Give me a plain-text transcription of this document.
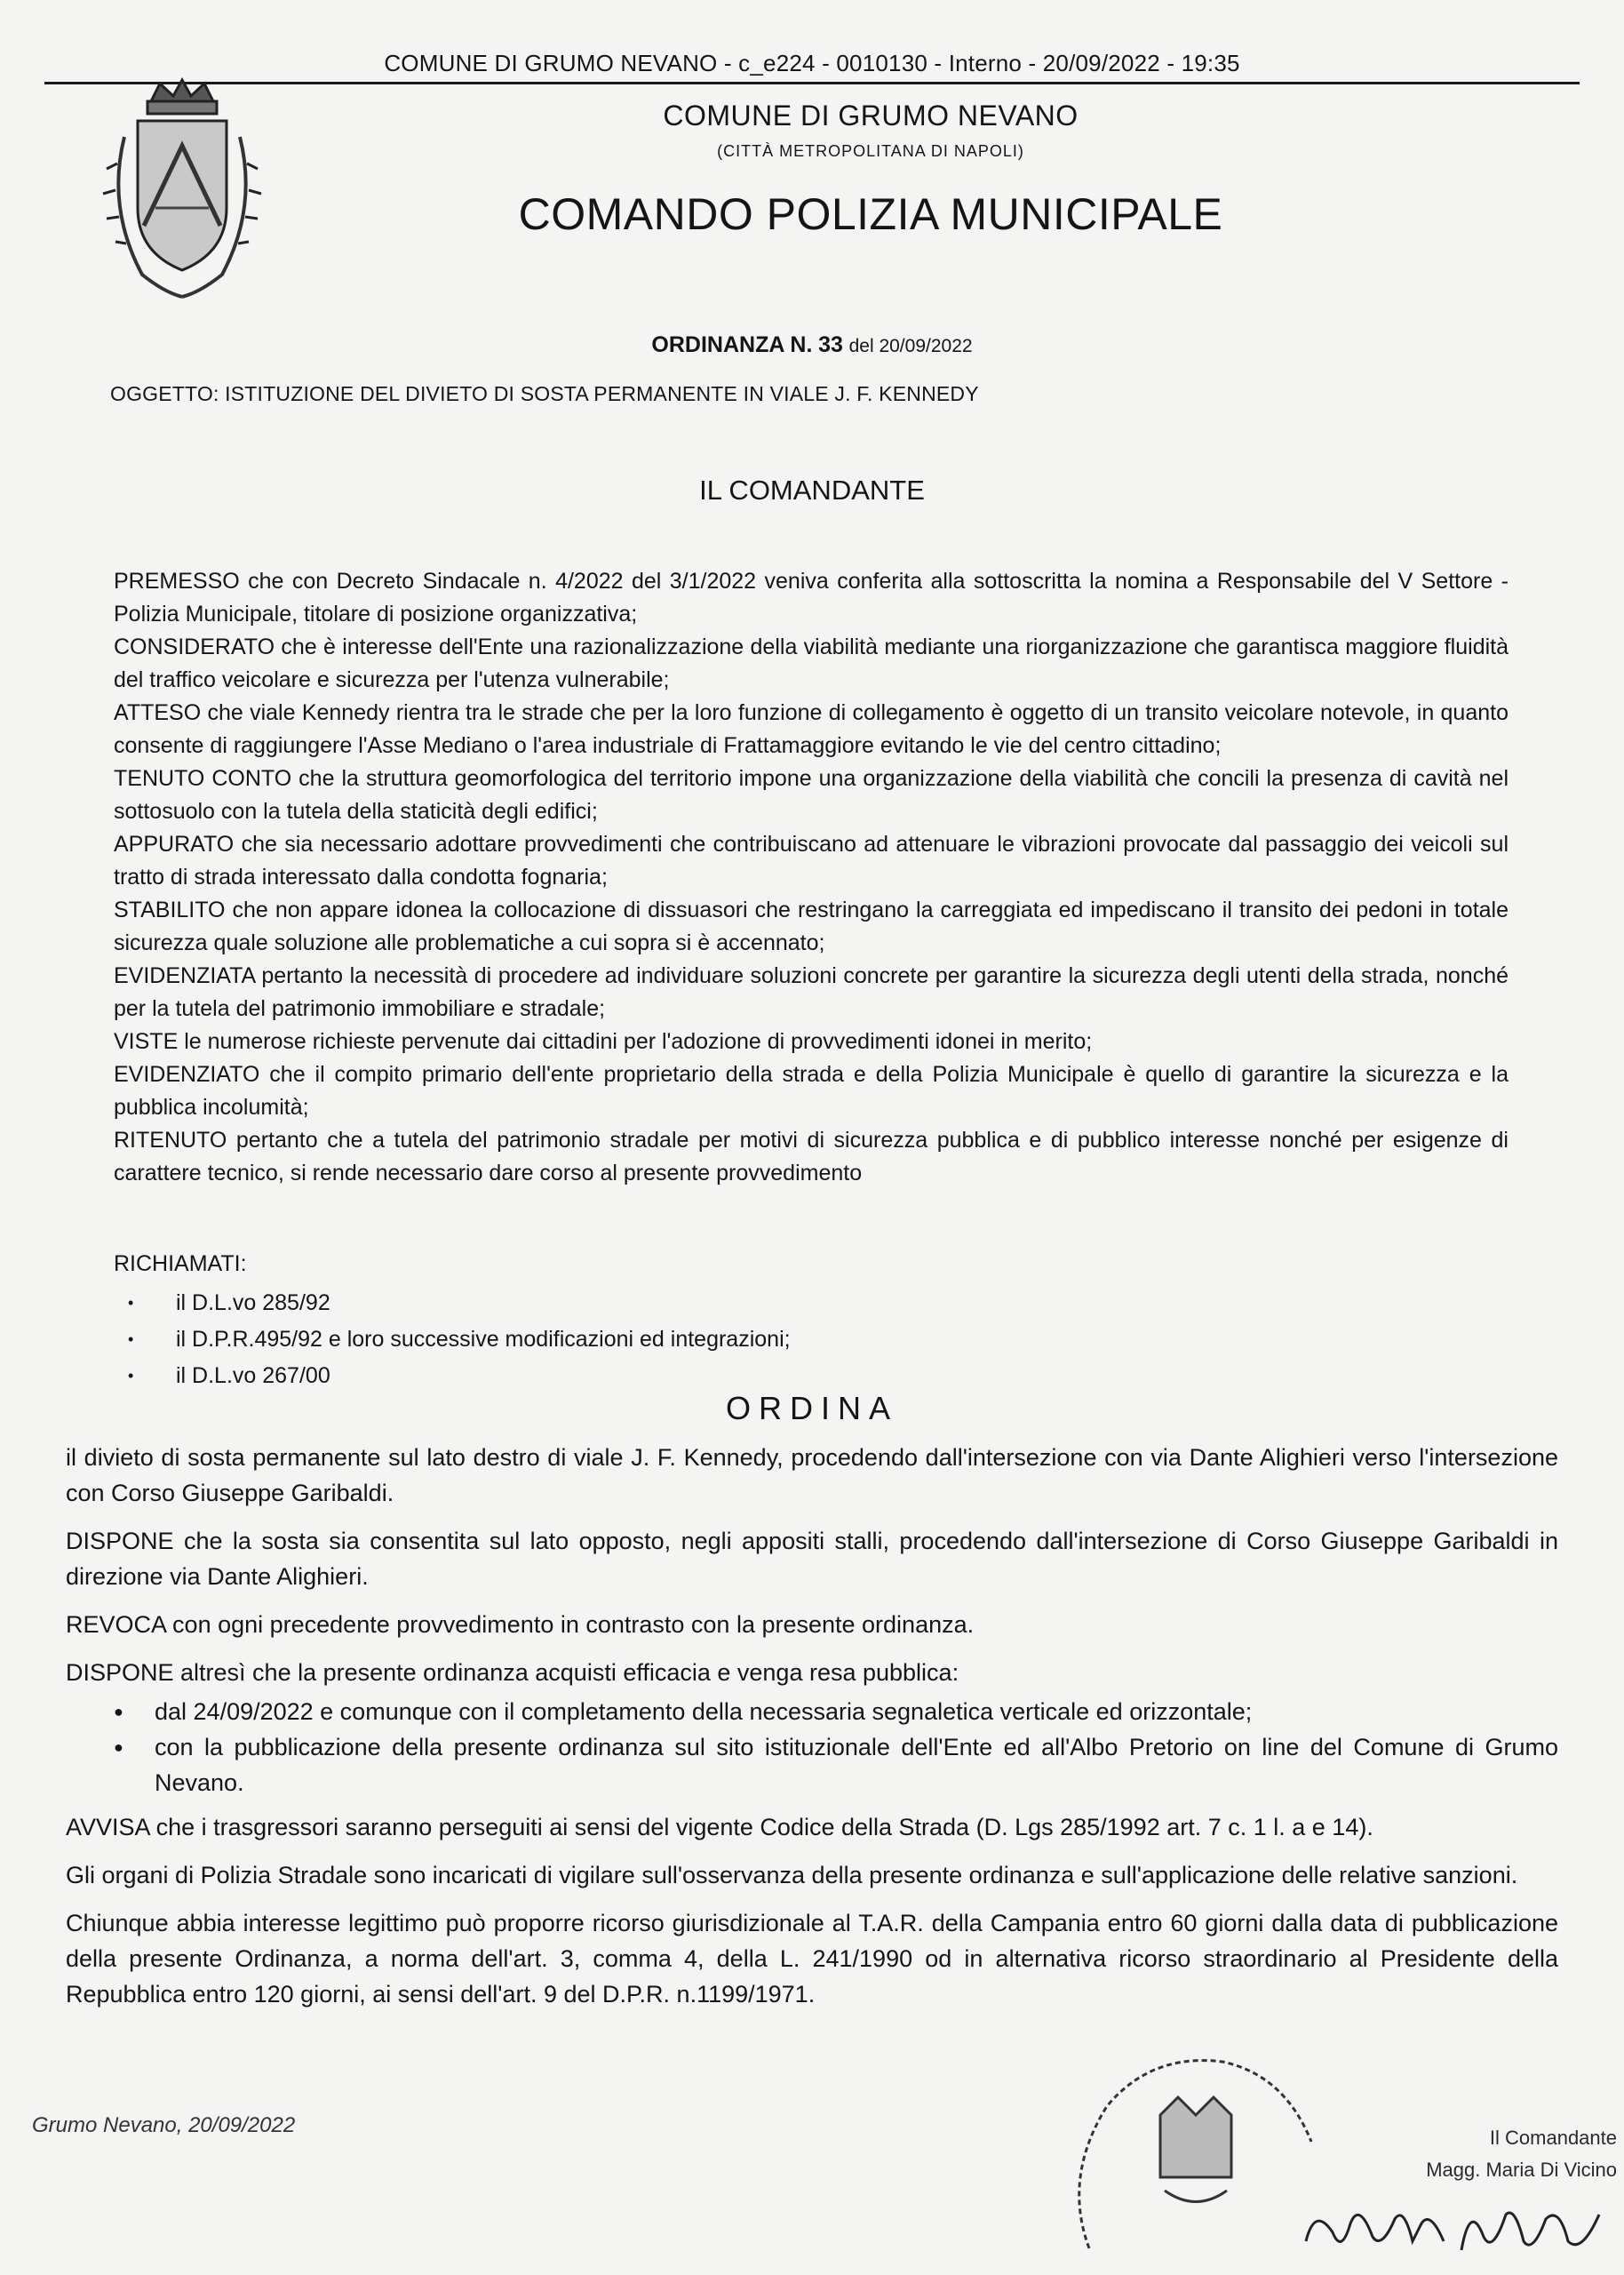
COMUNE DI GRUMO NEVANO - c_e224 - 0010130 - Interno - 20/09/2022 - 19:35
COMUNE DI GRUMO NEVANO
(CITTÀ METROPOLITANA DI NAPOLI)
COMANDO POLIZIA MUNICIPALE
ORDINANZA N. 33 del 20/09/2022
OGGETTO: ISTITUZIONE DEL DIVIETO DI SOSTA PERMANENTE IN VIALE J. F. KENNEDY
IL COMANDANTE

PREMESSO che con Decreto Sindacale n. 4/2022 del 3/1/2022 veniva conferita alla sottoscritta la nomina a Responsabile del V Settore - Polizia Municipale, titolare di posizione organizzativa;

CONSIDERATO che è interesse dell'Ente una razionalizzazione della viabilità mediante una riorganizzazione che garantisca maggiore fluidità del traffico veicolare e sicurezza per l'utenza vulnerabile;

ATTESO che viale Kennedy rientra tra le strade che per la loro funzione di collegamento è oggetto di un transito veicolare notevole, in quanto consente di raggiungere l'Asse Mediano o l'area industriale di Frattamaggiore evitando le vie del centro cittadino;

TENUTO CONTO che la struttura geomorfologica del territorio impone una organizzazione della viabilità che concili la presenza di cavità nel sottosuolo con la tutela della staticità degli edifici;

APPURATO che sia necessario adottare provvedimenti che contribuiscano ad attenuare le vibrazioni provocate dal passaggio dei veicoli sul tratto di strada interessato dalla condotta fognaria;

STABILITO che non appare idonea la collocazione di dissuasori che restringano la carreggiata ed impediscano il transito dei pedoni in totale sicurezza quale soluzione alle problematiche a cui sopra si è accennato;

EVIDENZIATA pertanto la necessità di procedere ad individuare soluzioni concrete per garantire la sicurezza degli utenti della strada, nonché per la tutela del patrimonio immobiliare e stradale;

VISTE le numerose richieste pervenute dai cittadini per l'adozione di provvedimenti idonei in merito;

EVIDENZIATO che il compito primario dell'ente proprietario della strada e della Polizia Municipale è quello di garantire la sicurezza e la pubblica incolumità;

RITENUTO pertanto che a tutela del patrimonio stradale per motivi di sicurezza pubblica e di pubblico interesse nonché per esigenze di carattere tecnico, si rende necessario dare corso al presente provvedimento

RICHIAMATI:
• il D.L.vo 285/92
• il D.P.R.495/92 e loro successive modificazioni ed integrazioni;
• il D.L.vo 267/00
ORDINA

il divieto di sosta permanente sul lato destro di viale J. F. Kennedy, procedendo dall'intersezione con via Dante Alighieri verso l'intersezione con Corso Giuseppe Garibaldi.

DISPONE che la sosta sia consentita sul lato opposto, negli appositi stalli, procedendo dall'intersezione di Corso Giuseppe Garibaldi in direzione via Dante Alighieri.

REVOCA con ogni precedente provvedimento in contrasto con la presente ordinanza.

DISPONE altresì che la presente ordinanza acquisti efficacia e venga resa pubblica:

● dal 24/09/2022 e comunque con il completamento della necessaria segnaletica verticale ed orizzontale;
● con la pubblicazione della presente ordinanza sul sito istituzionale dell'Ente ed all'Albo Pretorio on line del Comune di Grumo Nevano.

AVVISA che i trasgressori saranno perseguiti ai sensi del vigente Codice della Strada (D. Lgs 285/1992 art. 7 c. 1 l. a e 14).

Gli organi di Polizia Stradale sono incaricati di vigilare sull'osservanza della presente ordinanza e sull'applicazione delle relative sanzioni.

Chiunque abbia interesse legittimo può proporre ricorso giurisdizionale al T.A.R. della Campania entro 60 giorni dalla data di pubblicazione della presente Ordinanza, a norma dell'art. 3, comma 4, della L. 241/1990 od in alternativa ricorso straordinario al Presidente della Repubblica entro 120 giorni, ai sensi dell'art. 9 del D.P.R. n.1199/1971.

Grumo Nevano, 20/09/2022
Il Comandante
Magg. Maria Di Vicino
